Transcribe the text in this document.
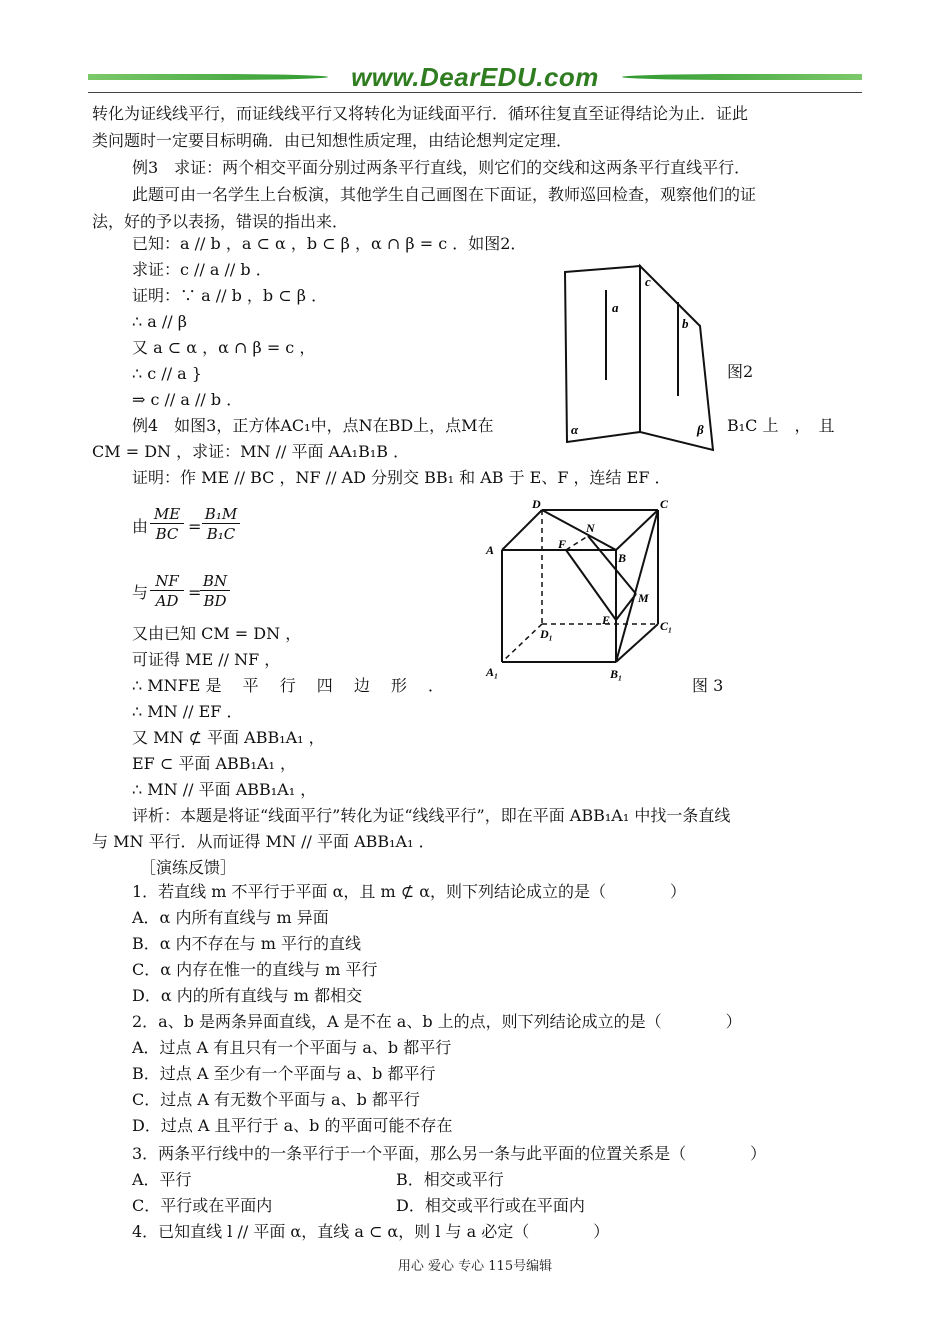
www.DearEDU.com
转化为证线线平行，而证线线平行又将转化为证线面平行．循环往复直至证得结论为止．证此
类问题时一定要目标明确．由已知想性质定理，由结论想判定定理．
例3　求证：两个相交平面分别过两条平行直线，则它们的交线和这两条平行直线平行．
此题可由一名学生上台板演，其他学生自己画图在下面证，教师巡回检查，观察他们的证
法，好的予以表扬，错误的指出来．
已知：a // b ，a ⊂ α ，b ⊂ β ，α ∩ β = c ．如图2．
求证：c // a // b ．
证明：∵ a // b ，b ⊂ β ．
∴ a // β
又 a ⊂ α ，α ∩ β = c ，
∴ c // a }
⇒ c // a // b ．
例4　如图3，正方体AC₁中，点N在BD上，点M在	B₁C 上　，　且
CM = DN ，求证：MN // 平面 AA₁B₁B ．
证明：作 ME // BC ，NF // AD 分别交 BB₁ 和 AB 于 E、F ，连结 EF ．
又由已知 CM = DN ，
可证得 ME // NF ，
∴ MNFE 是　 平　 行　 四　 边　 形　 ．	图 3
∴ MN // EF ．
又 MN ⊄ 平面 ABB₁A₁ ，
EF ⊂ 平面 ABB₁A₁ ，
∴ MN // 平面 ABB₁A₁ ，
评析：本题是将证“线面平行”转化为证“线线平行”，即在平面 ABB₁A₁ 中找一条直线
与 MN 平行．从而证得 MN // 平面 ABB₁A₁ ．
［演练反馈］
1．若直线 m 不平行于平面 α，且 m ⊄ α，则下列结论成立的是（　　　　）
A．α 内所有直线与 m 异面
B．α 内不存在与 m 平行的直线
C．α 内存在惟一的直线与 m 平行
D．α 内的所有直线与 m 都相交
2．a、b 是两条异面直线，A 是不在 a、b 上的点，则下列结论成立的是（　　　　）
A．过点 A 有且只有一个平面与 a、b 都平行
B．过点 A 至少有一个平面与 a、b 都平行
C．过点 A 有无数个平面与 a、b 都平行
D．过点 A 且平行于 a、b 的平面可能不存在
3．两条平行线中的一条平行于一个平面，那么另一条与此平面的位置关系是（　　　　）
A．平行	B．相交或平行
C．平行或在平面内	D．相交或平行或在平面内
4．已知直线 l // 平面 α，直线 a ⊂ α，则 l 与 a 必定（　　　　）
由 $\frac{ME}{BC} = \frac{\text{B₁M}}{\text{B₁C}}$
与 $\frac{NF}{AD}$ =
$\frac{BN}{BD}$
a
b
c
α	β
图2
A
B
C
D
A₁	B₁
C₁
D₁
E
F
M
N
用心 爱心 专心 115号编辑
